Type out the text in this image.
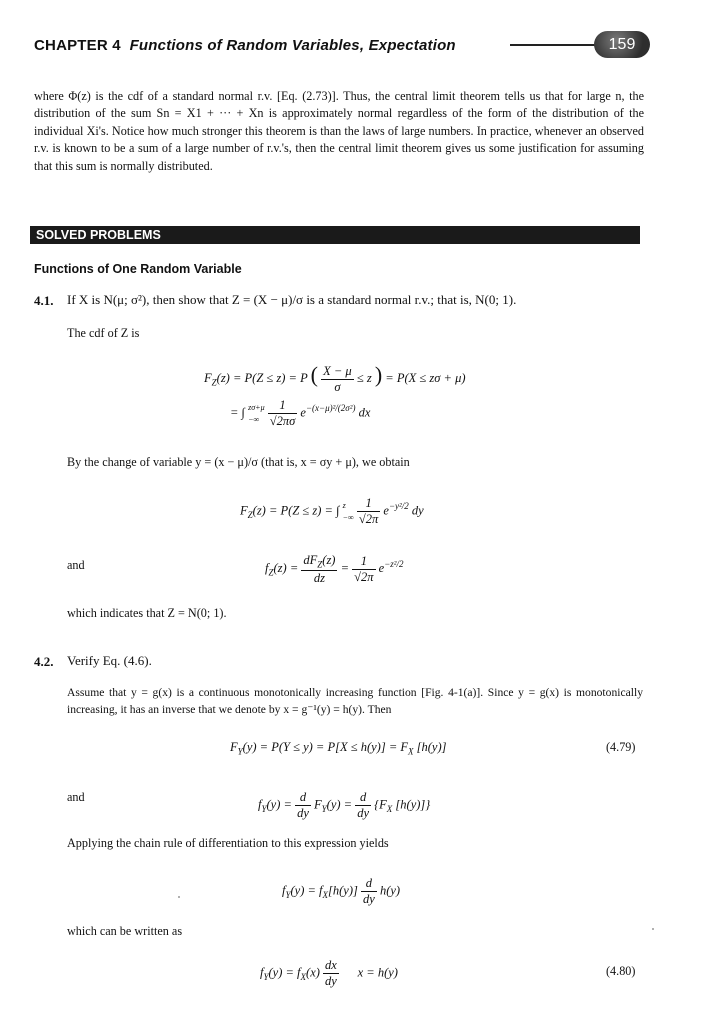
CHAPTER 4 Functions of Random Variables, Expectation	159
where Φ(z) is the cdf of a standard normal r.v. [Eq. (2.73)]. Thus, the central limit theorem tells us that for large n, the distribution of the sum Sn = X1 + ··· + Xn is approximately normal regardless of the form of the distribution of the individual Xi's. Notice how much stronger this theorem is than the laws of large numbers. In practice, whenever an observed r.v. is known to be a sum of a large number of r.v.'s, then the central limit theorem gives us some justification for assuming that this sum is normally distributed.
SOLVED PROBLEMS
Functions of One Random Variable
4.1. If X is N(μ; σ²), then show that Z = (X − μ)/σ is a standard normal r.v.; that is, N(0; 1).
The cdf of Z is
$F_Z(z) = P(Z \le z) = P$ ( $\frac{X - \mu}{\sigma} \le z$ ) = P(X ≤ zσ + μ)
= ∫ zσ+μ
−∞
$\frac{1}{√2\pi\sigma} e^{-(x-\mu)^2/(2\sigma^2)}$ dx
By the change of variable y = (x − μ)/σ (that is, x = σy + μ), we obtain
$F_Z(z) = P(Z \le z)$ = ∫ z
−∞
$\frac{1}{√2\pi} e^{-y^2/2}$ dy
and	$f_Z(z) = \frac{dF_Z(z)}{dz} = \frac{1}{√2\pi} e^{-z^2/2}$
which indicates that Z = N(0; 1).
4.2. Verify Eq. (4.6).
Assume that y = g(x) is a continuous monotonically increasing function [Fig. 4-1(a)]. Since y = g(x) is monotonically increasing, it has an inverse that we denote by x = g⁻¹(y) = h(y). Then
$F_Y(y) = P(Y \le y) = P[X \le h(y)] = F_X$ [h(y)]	(4.79)
and
$f_Y(y) = \frac{d}{dy} F_Y(y) = \frac{d}{dy} \{F_X$ [h(y)]}
Applying the chain rule of differentiation to this expression yields
$f_Y(y) = f_X[h(y)] \frac{d}{dy} h(y)$
which can be written as
$f_Y(y) = f_X(x) \frac{dx}{dy}$ x = h(y)	(4.80)
